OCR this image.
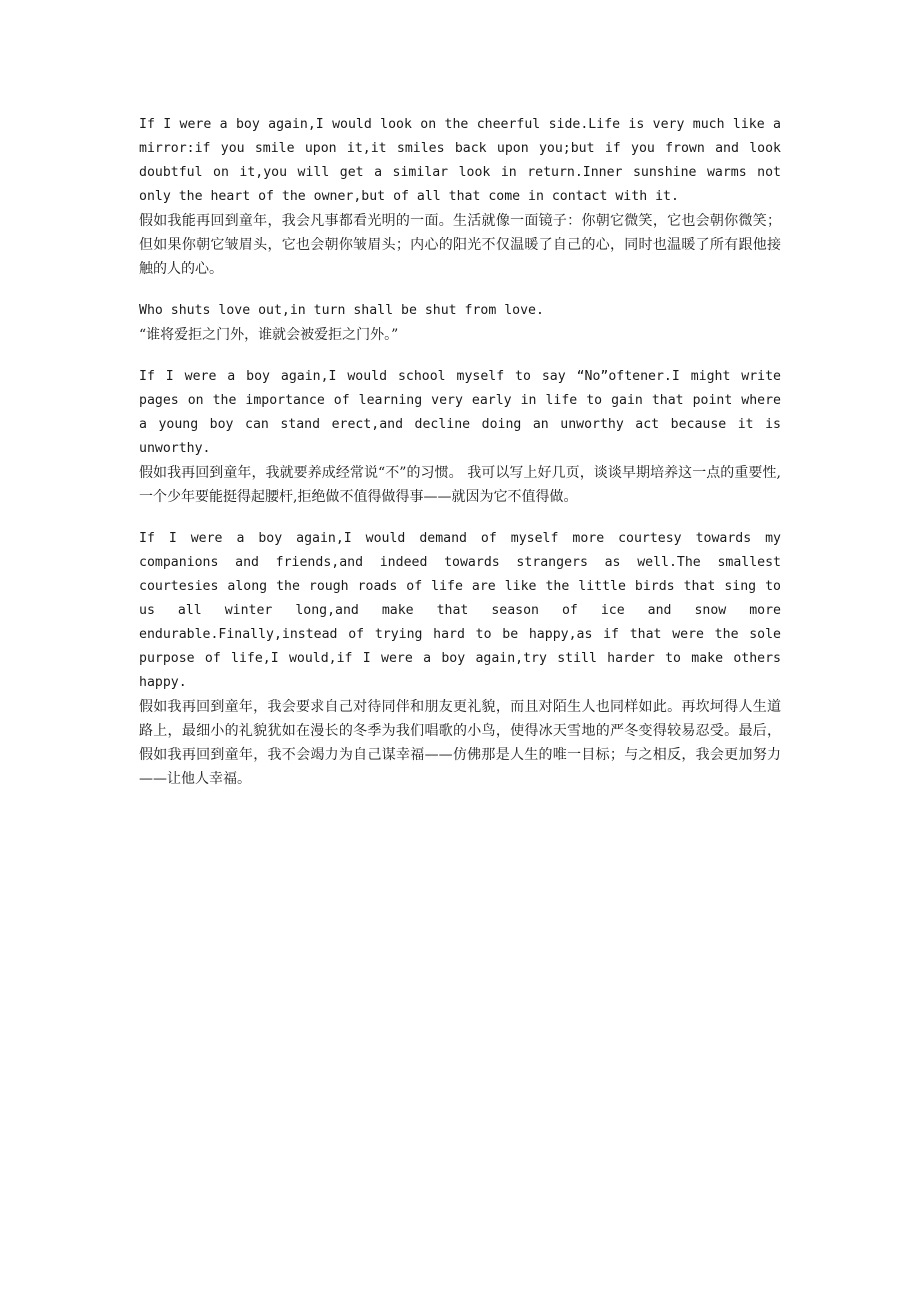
If I were a boy again,I would look on the cheerful side.Life is very much like a mirror:if you smile upon it,it smiles back upon you;but if you frown and look doubtful on it,you will get a similar look in return.Inner sunshine warms not only the heart of the owner,but of all that come in contact with it.

假如我能再回到童年，我会凡事都看光明的一面。生活就像一面镜子：你朝它微笑，它也会朝你微笑；但如果你朝它皱眉头，它也会朝你皱眉头；内心的阳光不仅温暖了自己的心，同时也温暖了所有跟他接触的人的心。

Who shuts love out,in turn shall be shut from love.

“谁将爱拒之门外，谁就会被爱拒之门外。”

If I were a boy again,I would school myself to say “No”oftener.I might write pages on the importance of learning very early in life to gain that point where a young boy can stand erect,and decline doing an unworthy act because it is unworthy.

假如我再回到童年，我就要养成经常说“不”的习惯。 我可以写上好几页，谈谈早期培养这一点的重要性,一个少年要能挺得起腰杆,拒绝做不值得做得事——就因为它不值得做。

If I were a boy again,I would demand of myself more courtesy towards my companions and friends,and indeed towards strangers as well.The smallest courtesies along the rough roads of life are like the little birds that sing to us all winter long,and make that season of ice and snow more endurable.Finally,instead of trying hard to be happy,as if that were the sole purpose of life,I would,if I were a boy again,try still harder to make others happy.

假如我再回到童年，我会要求自己对待同伴和朋友更礼貌，而且对陌生人也同样如此。再坎坷得人生道路上，最细小的礼貌犹如在漫长的冬季为我们唱歌的小鸟，使得冰天雪地的严冬变得较易忍受。最后，假如我再回到童年，我不会竭力为自己谋幸福——仿佛那是人生的唯一目标；与之相反，我会更加努力——让他人幸福。
